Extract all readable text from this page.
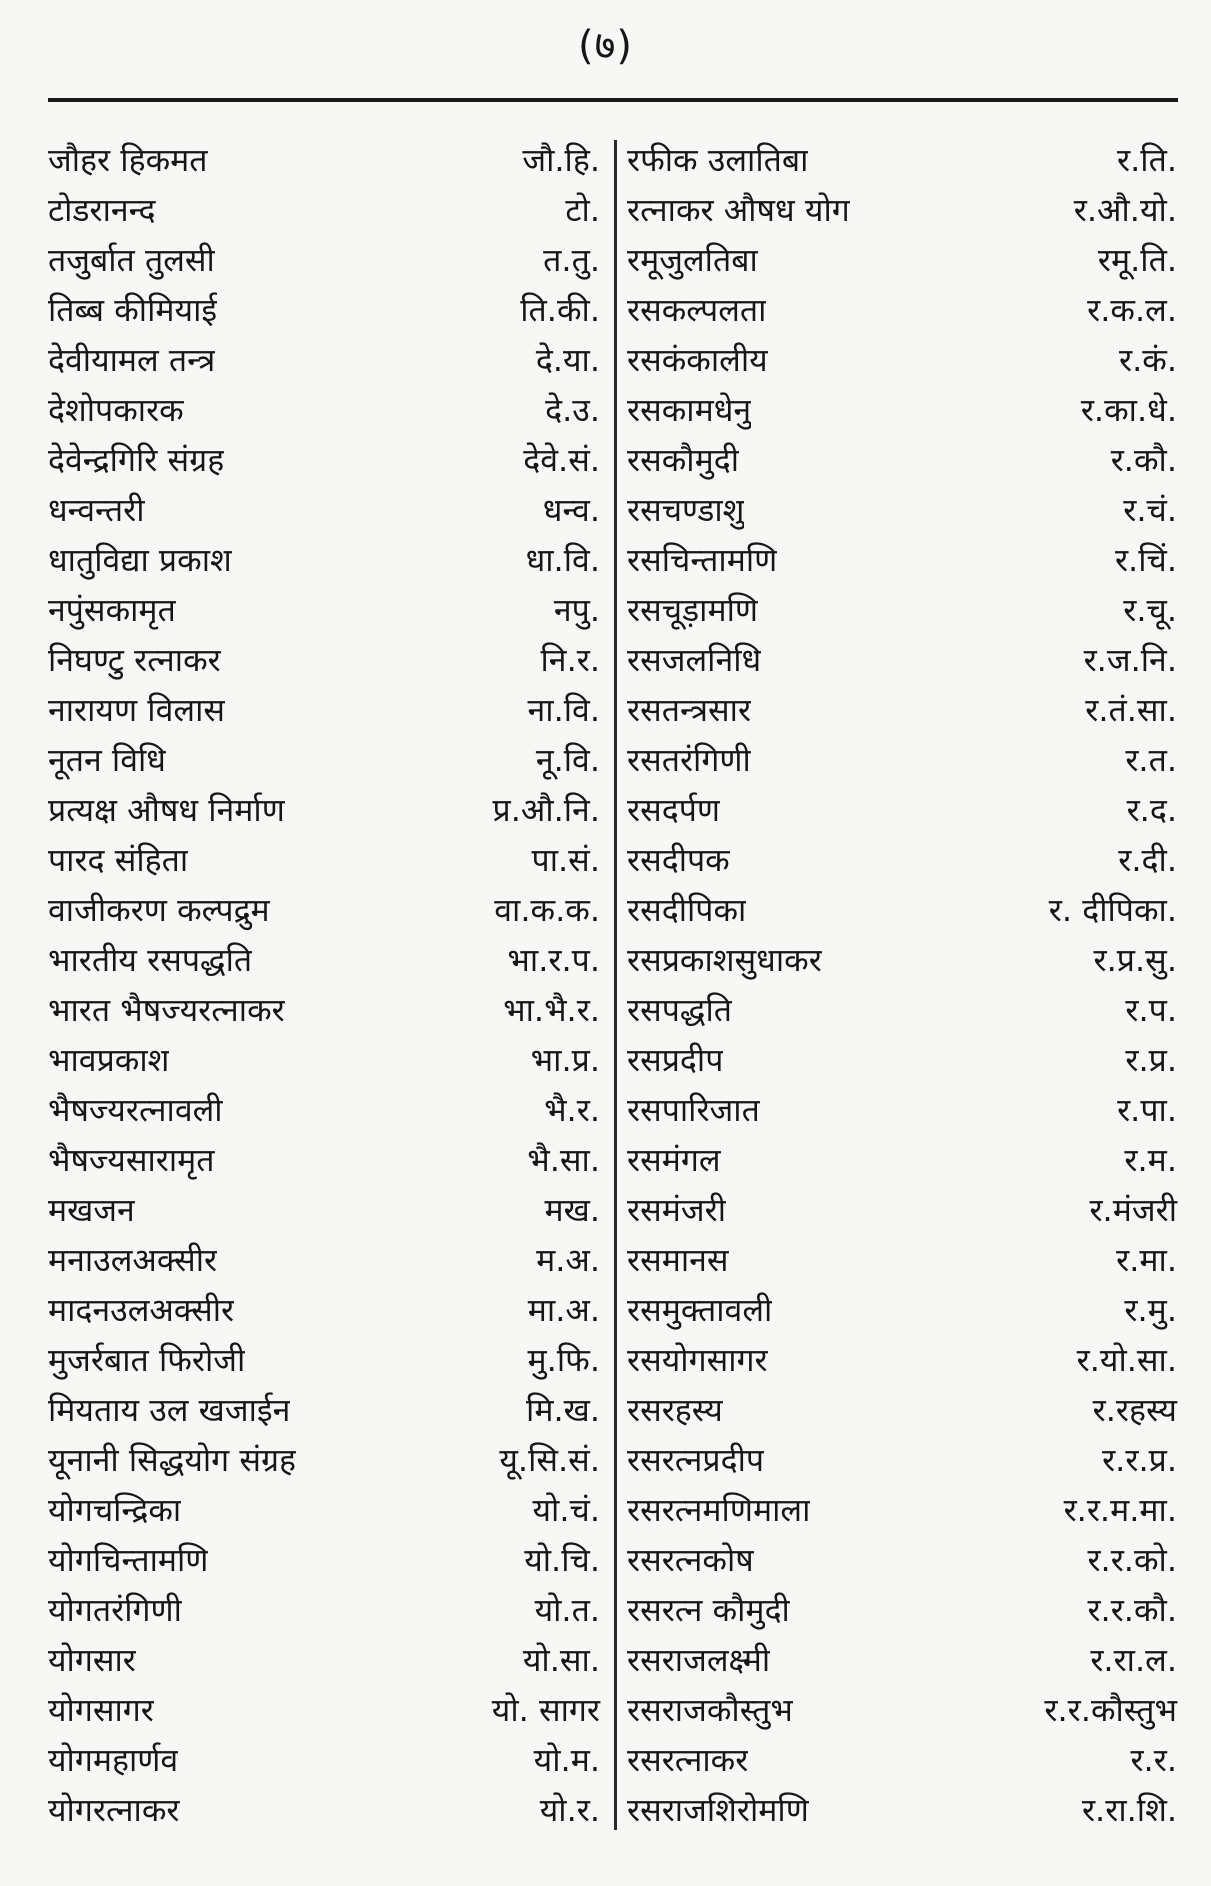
(७)
जौहर हिकमत	जौ.हि.
टोडरानन्द	टो.
तजुर्बात तुलसी	त.तु.
तिब्ब कीमियाई	ति.की.
देवीयामल तन्त्र	दे.या.
देशोपकारक	दे.उ.
देवेन्द्रगिरि संग्रह	देवे.सं.
धन्वन्तरी	धन्व.
धातुविद्या प्रकाश	धा.वि.
नपुंसकामृत	नपु.
निघण्टु रत्नाकर	नि.र.
नारायण विलास	ना.वि.
नूतन विधि	नू.वि.
प्रत्यक्ष औषध निर्माण	प्र.औ.नि.
पारद संहिता	पा.सं.
वाजीकरण कल्पद्रुम	वा.क.क.
भारतीय रसपद्धति	भा.र.प.
भारत भैषज्यरत्नाकर	भा.भै.र.
भावप्रकाश	भा.प्र.
भैषज्यरत्नावली	भै.र.
भैषज्यसारामृत	भै.सा.
मखजन	मख.
मनाउलअक्सीर	म.अ.
मादनउलअक्सीर	मा.अ.
मुजर्रबात फिरोजी	मु.फि.
मियताय उल खजाईन	मि.ख.
यूनानी सिद्धयोग संग्रह	यू.सि.सं.
योगचन्द्रिका	यो.चं.
योगचिन्तामणि	यो.चि.
योगतरंगिणी	यो.त.
योगसार	यो.सा.
योगसागर	यो. सागर
योगमहार्णव	यो.म.
योगरत्नाकर	यो.र.
रफीक उलातिबा	र.ति.
रत्नाकर औषध योग	र.औ.यो.
रमूजुलतिबा	रमू.ति.
रसकल्पलता	र.क.ल.
रसकंकालीय	र.कं.
रसकामधेनु	र.का.धे.
रसकौमुदी	र.कौ.
रसचण्डाशु	र.चं.
रसचिन्तामणि	र.चिं.
रसचूड़ामणि	र.चू.
रसजलनिधि	र.ज.नि.
रसतन्त्रसार	र.तं.सा.
रसतरंगिणी	र.त.
रसदर्पण	र.द.
रसदीपक	र.दी.
रसदीपिका	र. दीपिका.
रसप्रकाशसुधाकर	र.प्र.सु.
रसपद्धति	र.प.
रसप्रदीप	र.प्र.
रसपारिजात	र.पा.
रसमंगल	र.म.
रसमंजरी	र.मंजरी
रसमानस	र.मा.
रसमुक्तावली	र.मु.
रसयोगसागर	र.यो.सा.
रसरहस्य	र.रहस्य
रसरत्नप्रदीप	र.र.प्र.
रसरत्नमणिमाला	र.र.म.मा.
रसरत्नकोष	र.र.को.
रसरत्न कौमुदी	र.र.कौ.
रसराजलक्ष्मी	र.रा.ल.
रसराजकौस्तुभ	र.र.कौस्तुभ
रसरत्नाकर	र.र.
रसराजशिरोमणि	र.रा.शि.
